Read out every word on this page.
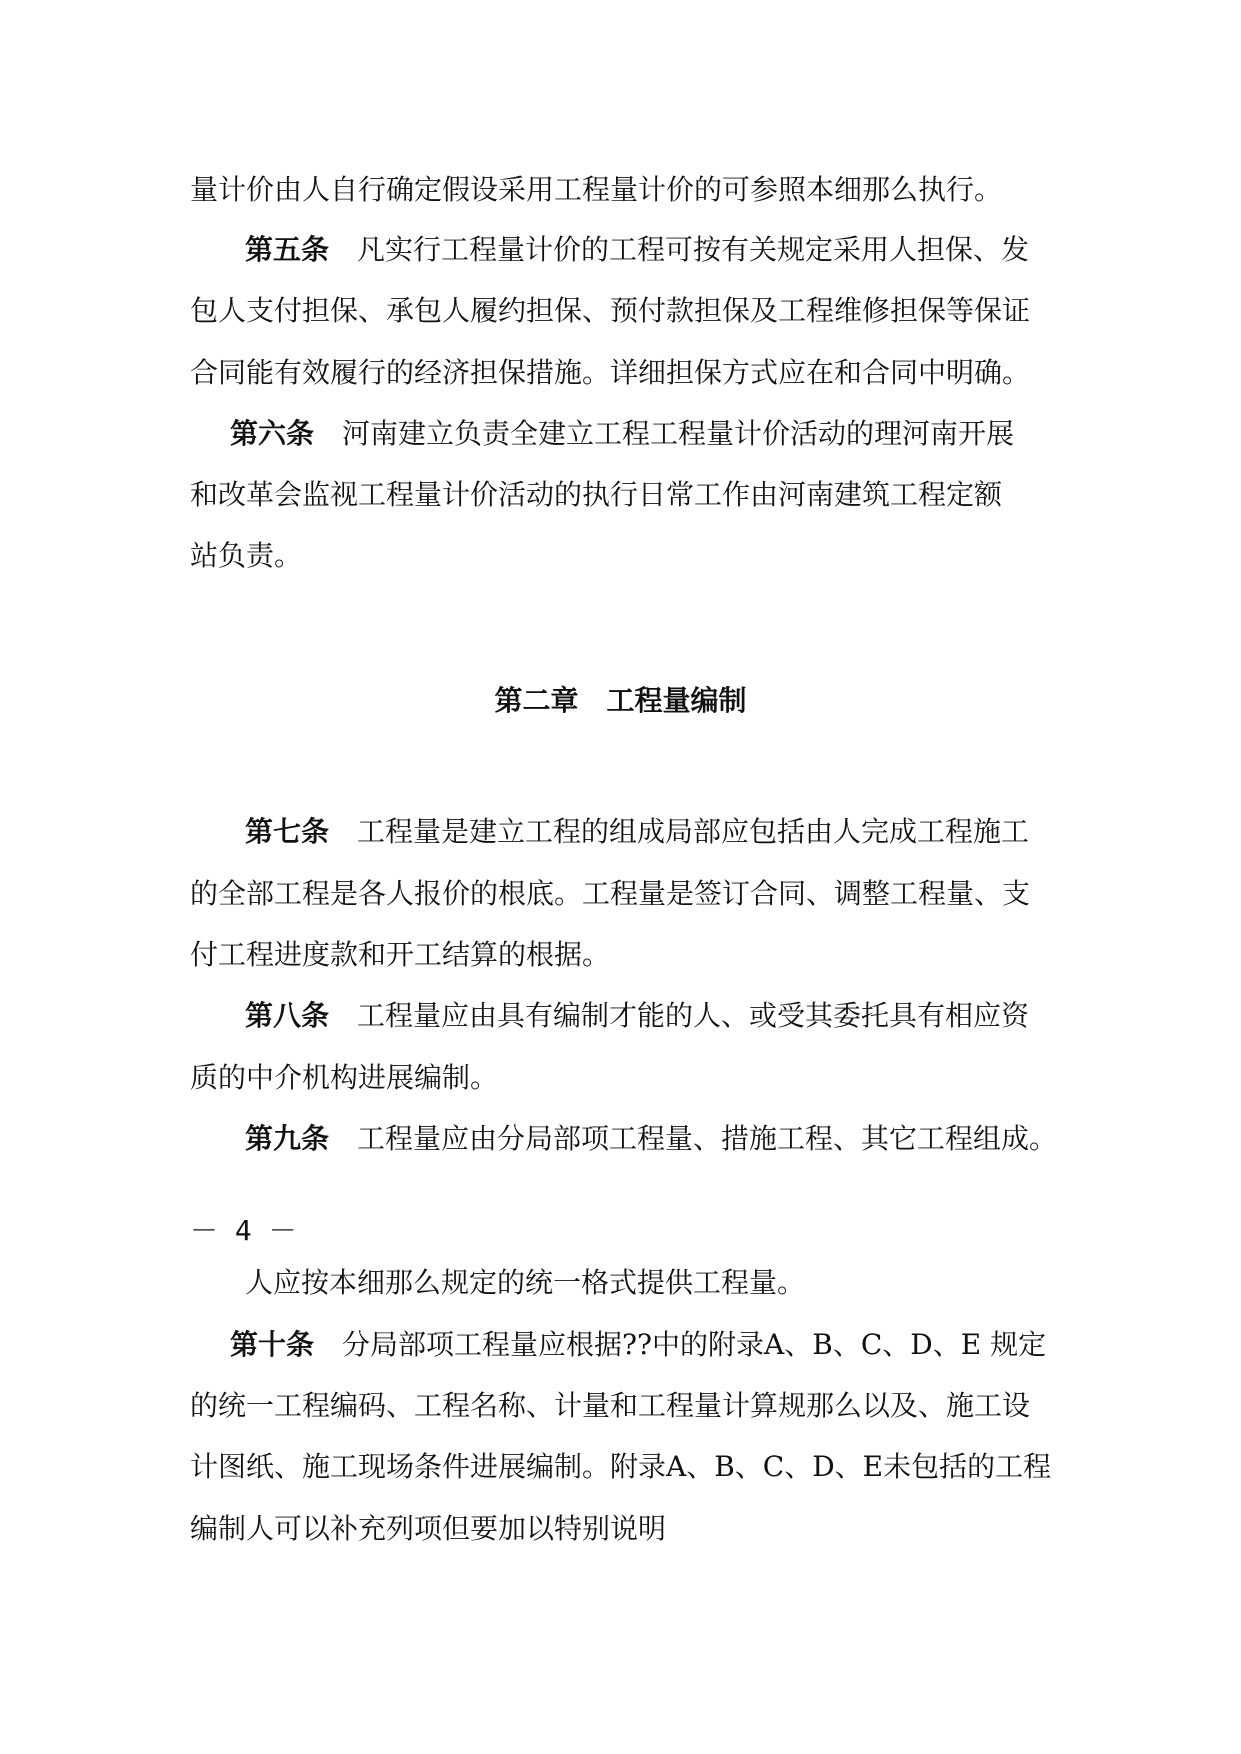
量计价由人自行确定假设采用工程量计价的可参照本细那么执行。
第五条　 凡实行工程量计价的工程可按有关规定采用人担保、发
包人支付担保、承包人履约担保、预付款担保及工程维修担保等保证
合同能有效履行的经济担保措施。详细担保方式应在和合同中明确。
第六条　 河南建立负责全建立工程工程量计价活动的理河南开展
和改革会监视工程量计价活动的执行日常工作由河南建筑工程定额
站负责。
第二章　工程量编制
第七条　 工程量是建立工程的组成局部应包括由人完成工程施工
的全部工程是各人报价的根底。工程量是签订合同、调整工程量、支
付工程进度款和开工结算的根据。
第八条　 工程量应由具有编制才能的人、或受其委托具有相应资
质的中介机构进展编制。
第九条　 工程量应由分局部项工程量、措施工程、其它工程组成。
－ 4 －
人应按本细那么规定的统一格式提供工程量。
第十条　 分局部项工程量应根据??中的附录A、B、C、D、E 规定
的统一工程编码、工程名称、计量和工程量计算规那么以及、施工设
计图纸、施工现场条件进展编制。附录A、B、C、D、E未包括的工程
编制人可以补充列项但要加以特别说明
